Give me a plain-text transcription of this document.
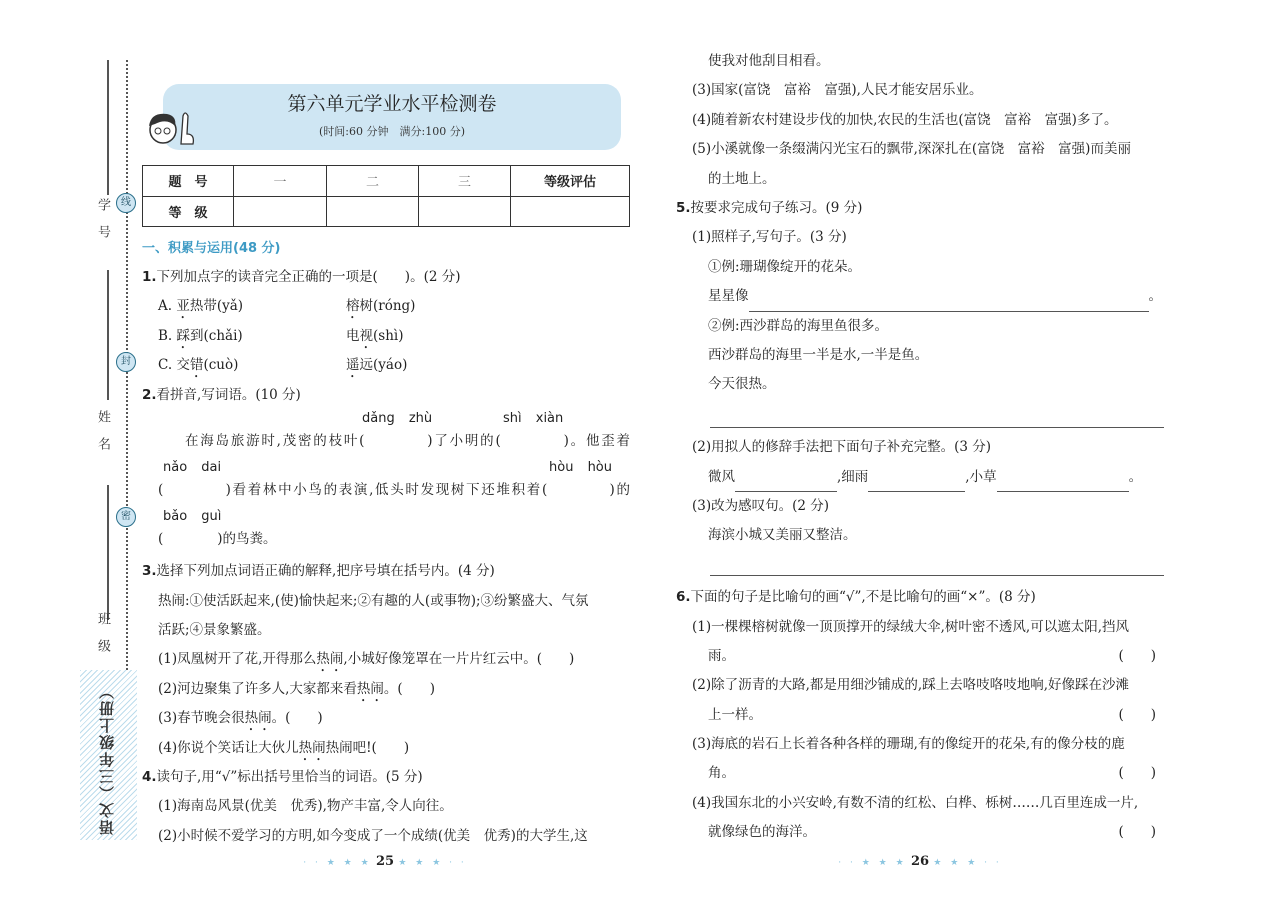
学号
姓名
班级
线
封
密
语文（三年级上册）
第六单元学业水平检测卷
(时间:60 分钟　满分:100 分)
题　号	一	二	三	等级评估
等　级				
一、积累与运用(48 分)
1.下列加点字的读音完全正确的一项是(　　)。(2 分)
A. 亚热带(yǎ)	榕树(róng)
B. 踩到(chǎi)	电视(shì)
C. 交错(cuò)	遥远(yáo)
2.看拼音,写词语。(10 分)
dǎng zhù	shì xiàn
在海岛旅游时,茂密的枝叶(　　　　)了小明的(　　　　)。他歪着
nǎo dai	hòu hòu
(　　　　)看着林中小鸟的表演,低头时发现树下还堆积着(　　　　)的
bǎo guì
(　　　　)的鸟粪。
3.选择下列加点词语正确的解释,把序号填在括号内。(4 分)
热闹:①使活跃起来,(使)愉快起来;②有趣的人(或事物);③纷繁盛大、气氛
活跃;④景象繁盛。
(1)凤凰树开了花,开得那么热闹,小城好像笼罩在一片片红云中。(　　)
(2)河边聚集了许多人,大家都来看热闹。(　　)
(3)春节晚会很热闹。(　　)
(4)你说个笑话让大伙儿热闹热闹吧!(　　)
4.读句子,用“√”标出括号里恰当的词语。(5 分)
(1)海南岛风景(优美　优秀),物产丰富,令人向往。
(2)小时候不爱学习的方明,如今变成了一个成绩(优美　优秀)的大学生,这
使我对他刮目相看。
(3)国家(富饶　富裕　富强),人民才能安居乐业。
(4)随着新农村建设步伐的加快,农民的生活也(富饶　富裕　富强)多了。
(5)小溪就像一条缀满闪光宝石的飘带,深深扎在(富饶　富裕　富强)而美丽
的土地上。
5.按要求完成句子练习。(9 分)
(1)照样子,写句子。(3 分)
①例:珊瑚像绽开的花朵。
星星像	。
②例:西沙群岛的海里鱼很多。
西沙群岛的海里一半是水,一半是鱼。
今天很热。
(2)用拟人的修辞手法把下面句子补充完整。(3 分)
微风	,细雨	,小草	。
(3)改为感叹句。(2 分)
海滨小城又美丽又整洁。
6.下面的句子是比喻句的画“√”,不是比喻句的画“×”。(8 分)
(1)一棵棵榕树就像一顶顶撑开的绿绒大伞,树叶密不透风,可以遮太阳,挡风
雨。	(　　)
(2)除了沥青的大路,都是用细沙铺成的,踩上去咯吱咯吱地响,好像踩在沙滩
上一样。	(　　)
(3)海底的岩石上长着各种各样的珊瑚,有的像绽开的花朵,有的像分枝的鹿
角。	(　　)
(4)我国东北的小兴安岭,有数不清的红松、白桦、栎树……几百里连成一片,
就像绿色的海洋。	(　　)
· · ★ ★ ★ 25 ★ ★ ★ · ·	· · ★ ★ ★ 26 ★ ★ ★ · ·
